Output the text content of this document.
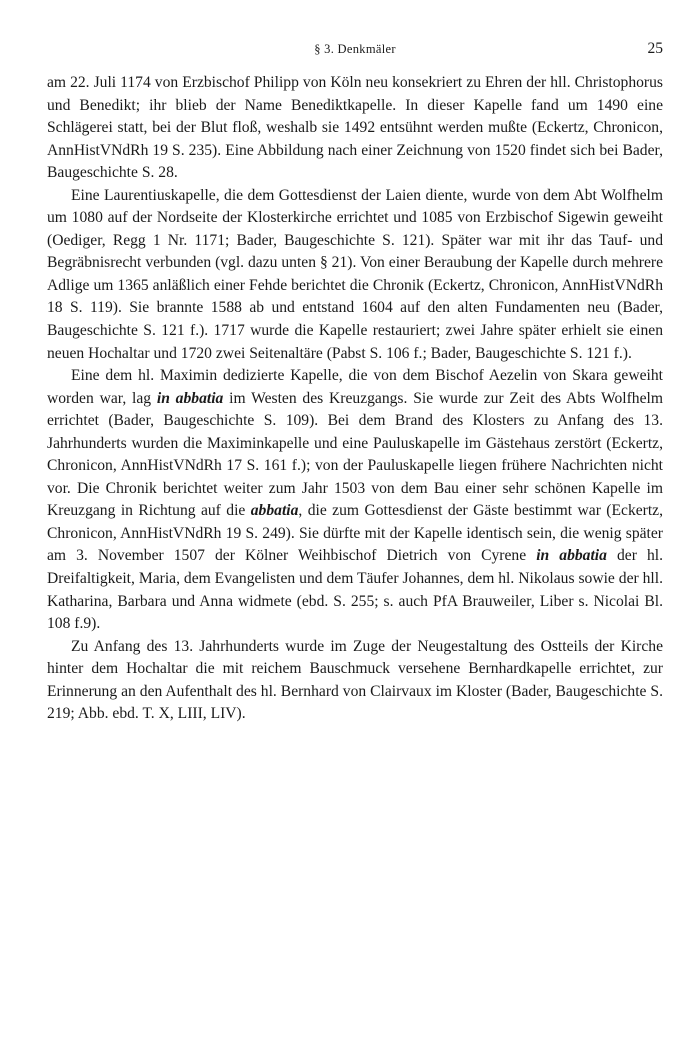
§ 3. Denkmäler	25

am 22. Juli 1174 von Erzbischof Philipp von Köln neu konsekriert zu Ehren der hll. Christophorus und Benedikt; ihr blieb der Name Benediktkapelle. In dieser Kapelle fand um 1490 eine Schlägerei statt, bei der Blut floß, weshalb sie 1492 entsühnt werden mußte (Eckertz, Chronicon, AnnHistVNdRh 19 S. 235). Eine Abbildung nach einer Zeichnung von 1520 findet sich bei Bader, Baugeschichte S. 28.

Eine Laurentiuskapelle, die dem Gottesdienst der Laien diente, wurde von dem Abt Wolfhelm um 1080 auf der Nordseite der Klosterkirche errichtet und 1085 von Erzbischof Sigewin geweiht (Oediger, Regg 1 Nr. 1171; Bader, Baugeschichte S. 121). Später war mit ihr das Tauf- und Begräbnisrecht verbunden (vgl. dazu unten § 21). Von einer Beraubung der Kapelle durch mehrere Adlige um 1365 anläßlich einer Fehde berichtet die Chronik (Eckertz, Chronicon, AnnHistVNdRh 18 S. 119). Sie brannte 1588 ab und entstand 1604 auf den alten Fundamenten neu (Bader, Baugeschichte S. 121 f.). 1717 wurde die Kapelle restauriert; zwei Jahre später erhielt sie einen neuen Hochaltar und 1720 zwei Seitenaltäre (Pabst S. 106 f.; Bader, Baugeschichte S. 121 f.).

Eine dem hl. Maximin dedizierte Kapelle, die von dem Bischof Aezelin von Skara geweiht worden war, lag in abbatia im Westen des Kreuzgangs. Sie wurde zur Zeit des Abts Wolfhelm errichtet (Bader, Baugeschichte S. 109). Bei dem Brand des Klosters zu Anfang des 13. Jahrhunderts wurden die Maximinkapelle und eine Pauluskapelle im Gästehaus zerstört (Eckertz, Chronicon, AnnHistVNdRh 17 S. 161 f.); von der Pauluskapelle liegen frühere Nachrichten nicht vor. Die Chronik berichtet weiter zum Jahr 1503 von dem Bau einer sehr schönen Kapelle im Kreuzgang in Richtung auf die abbatia, die zum Gottesdienst der Gäste bestimmt war (Eckertz, Chronicon, AnnHistVNdRh 19 S. 249). Sie dürfte mit der Kapelle identisch sein, die wenig später am 3. November 1507 der Kölner Weihbischof Dietrich von Cyrene in abbatia der hl. Dreifaltigkeit, Maria, dem Evangelisten und dem Täufer Johannes, dem hl. Nikolaus sowie der hll. Katharina, Barbara und Anna widmete (ebd. S. 255; s. auch PfA Brauweiler, Liber s. Nicolai Bl. 108 f.9).

Zu Anfang des 13. Jahrhunderts wurde im Zuge der Neugestaltung des Ostteils der Kirche hinter dem Hochaltar die mit reichem Bauschmuck versehene Bernhardkapelle errichtet, zur Erinnerung an den Aufenthalt des hl. Bernhard von Clairvaux im Kloster (Bader, Baugeschichte S. 219; Abb. ebd. T. X, LIII, LIV).
